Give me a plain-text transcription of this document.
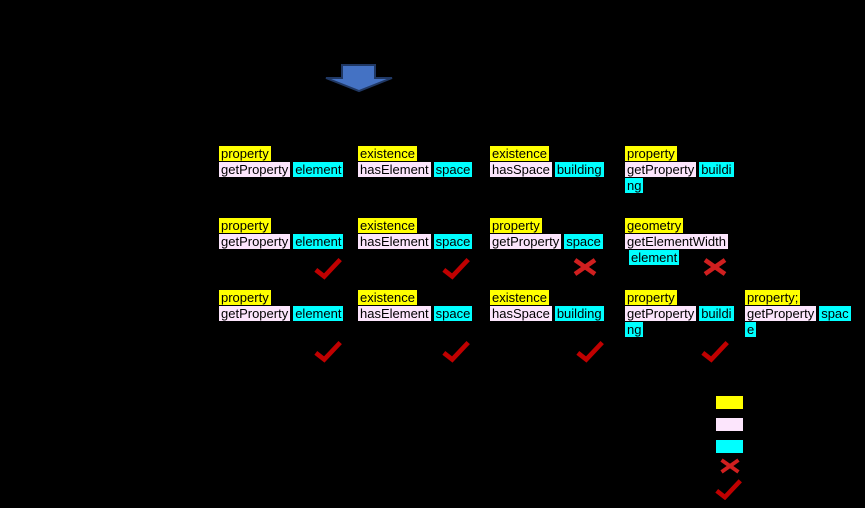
property
getProperty element
existence
hasElement space
existence
hasSpace building
property
getProperty buildi
ng
property
getProperty element
existence
hasElement space
property
getProperty space
geometry
getElementWidth
element
property
getProperty element
existence
hasElement space
existence
hasSpace building
property
getProperty buildi
ng
property;
getProperty spac
e
